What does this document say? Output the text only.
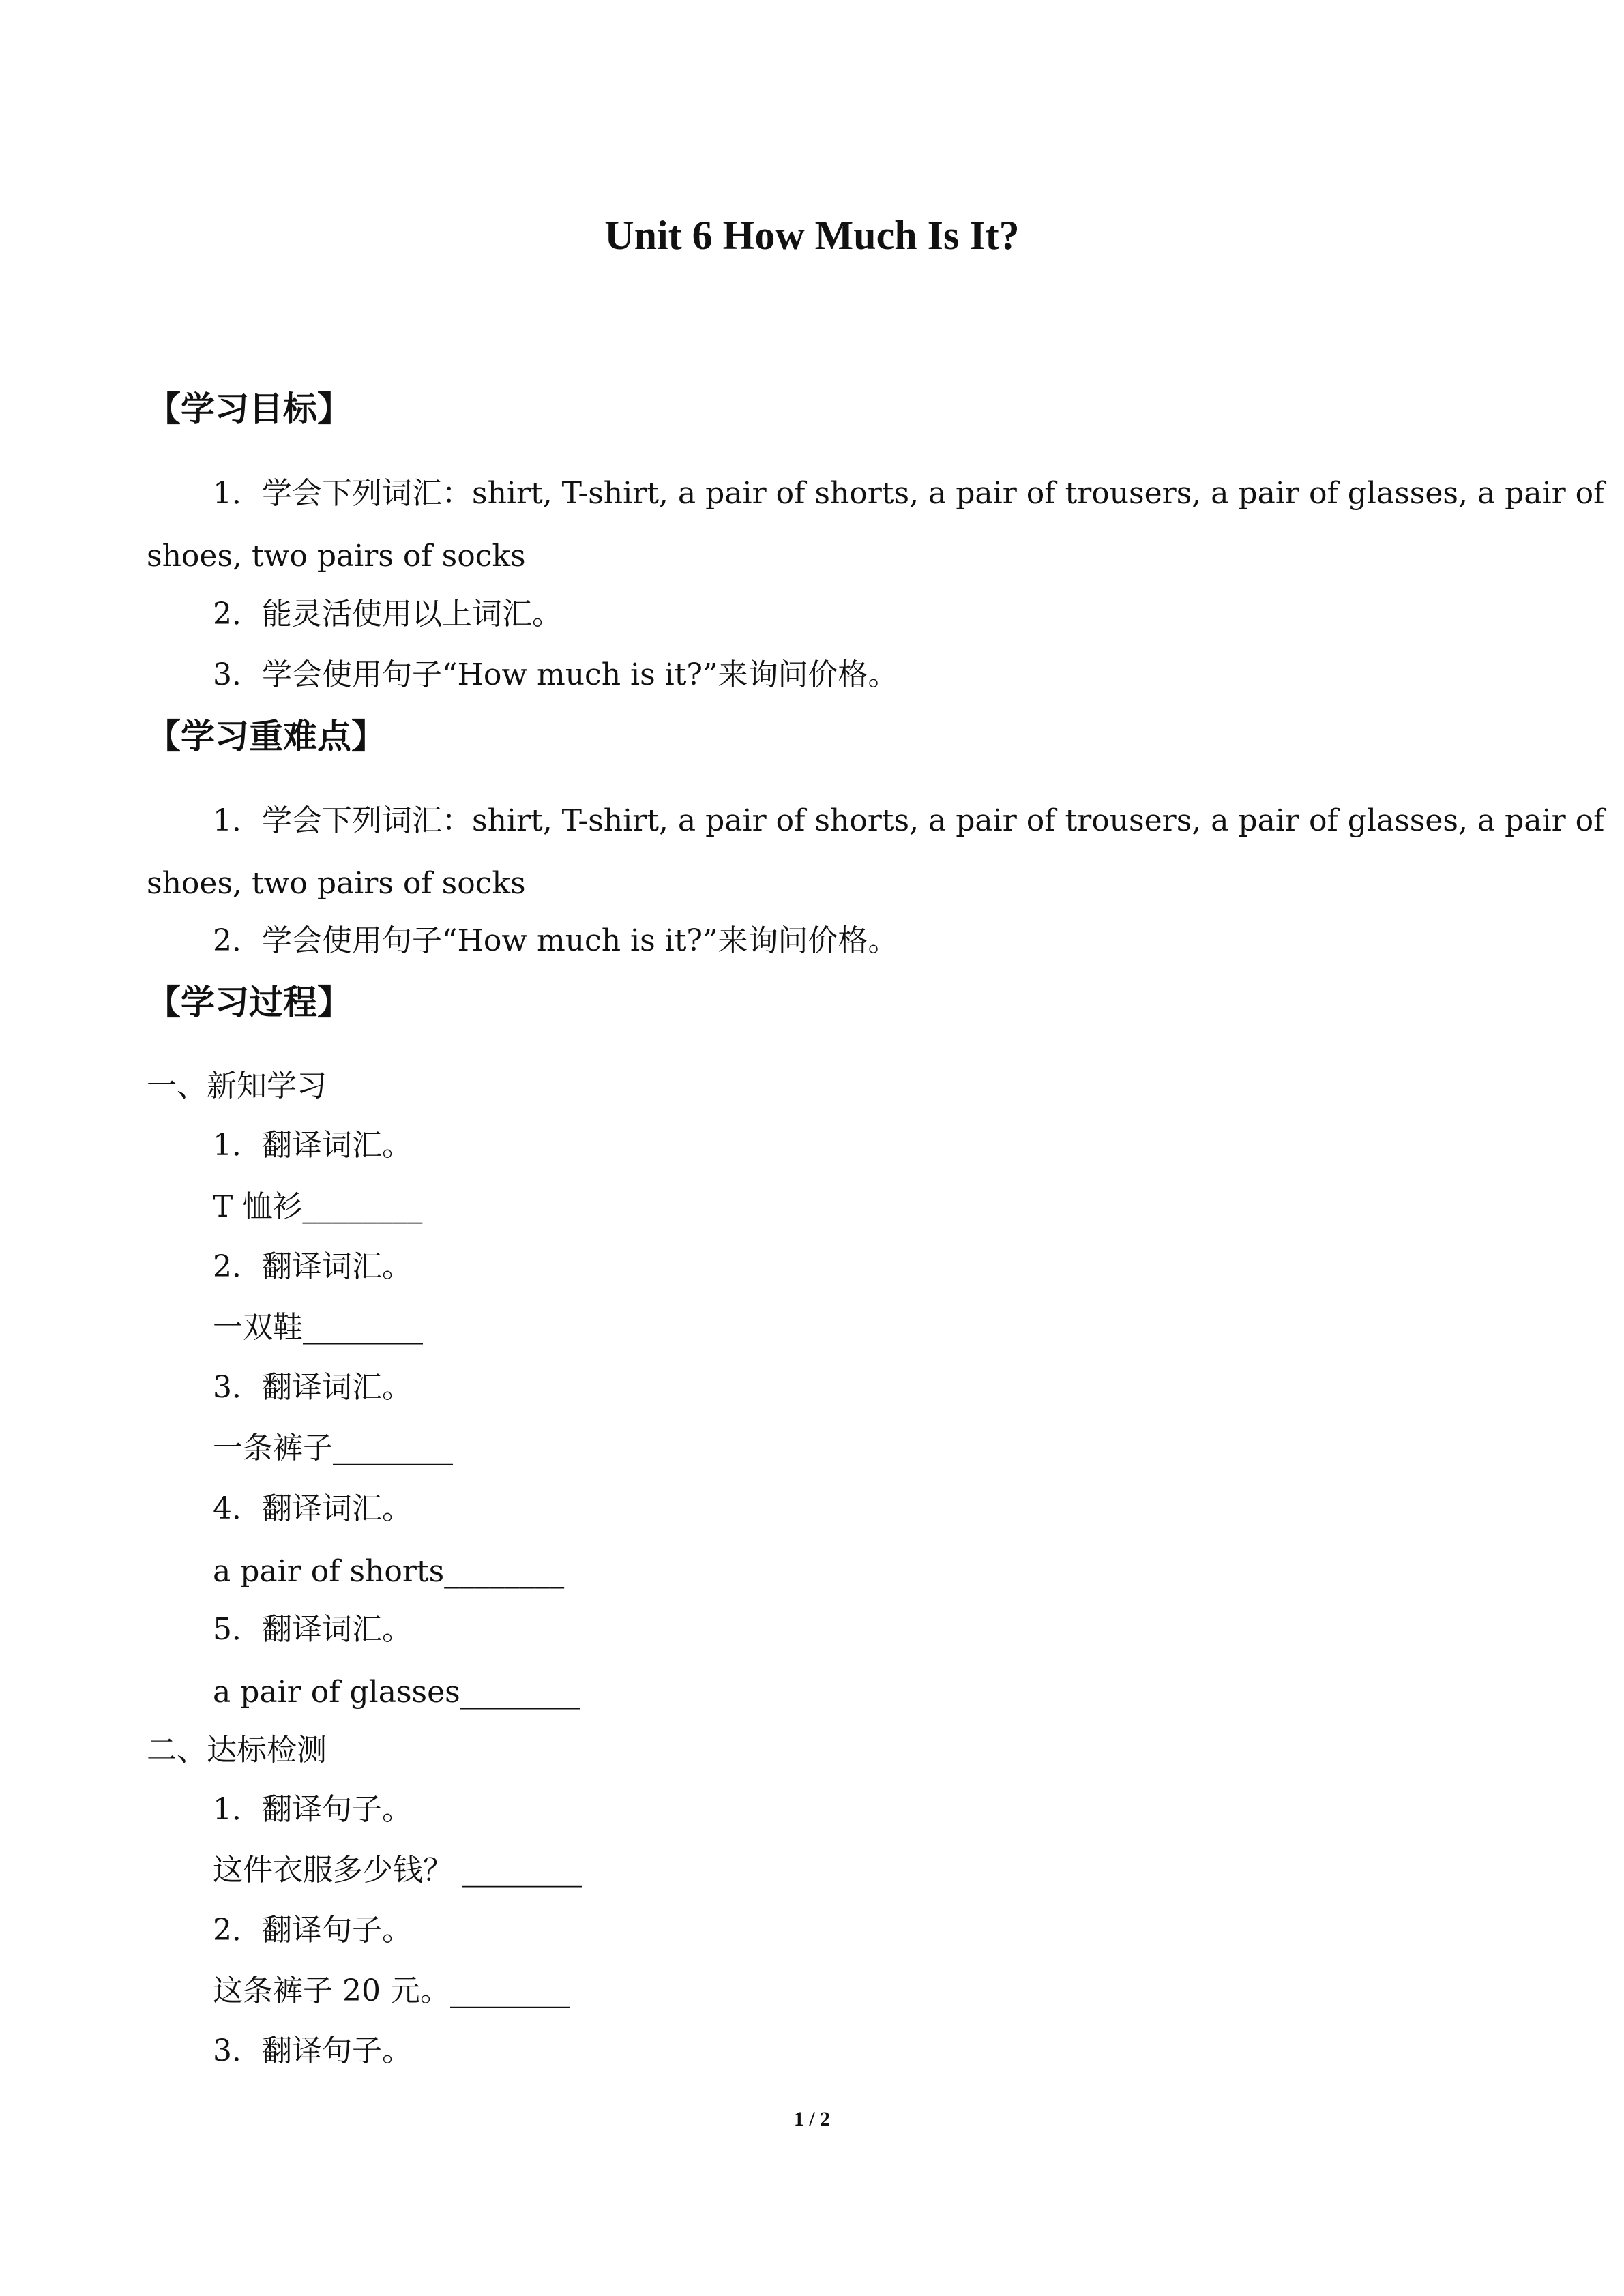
Unit 6 How Much Is It?
【学习目标】
1．学会下列词汇：shirt, T-shirt, a pair of shorts, a pair of trousers, a pair of glasses, a pair of
shoes, two pairs of socks
2．能灵活使用以上词汇。
3．学会使用句子“How much is it?”来询问价格。
【学习重难点】
1．学会下列词汇：shirt, T-shirt, a pair of shorts, a pair of trousers, a pair of glasses, a pair of
shoes, two pairs of socks
2．学会使用句子“How much is it?”来询问价格。
【学习过程】
一、新知学习
1．翻译词汇。
T 恤衫________
2．翻译词汇。
一双鞋________
3．翻译词汇。
一条裤子________
4．翻译词汇。
a pair of shorts________
5．翻译词汇。
a pair of glasses________
二、达标检测
1．翻译句子。
这件衣服多少钱？ ________
2．翻译句子。
这条裤子 20 元。________
3．翻译句子。
1 / 2
